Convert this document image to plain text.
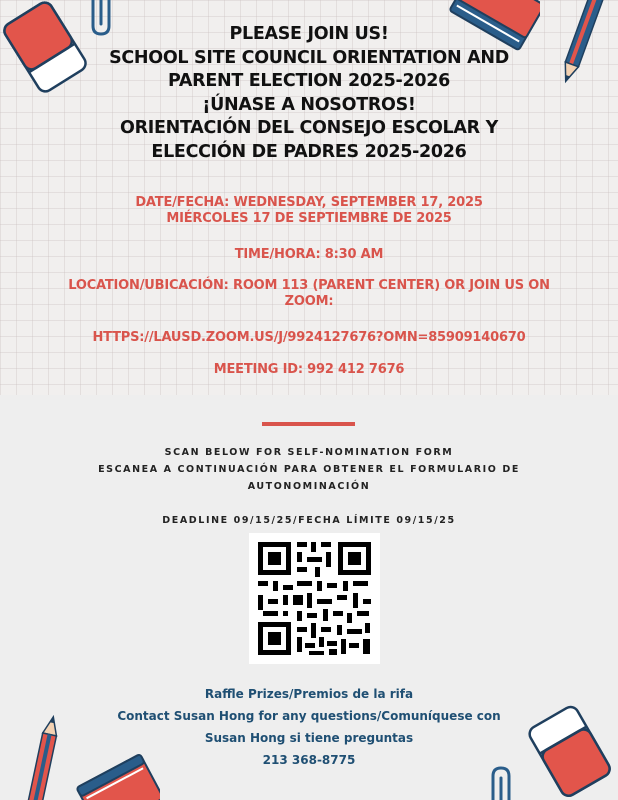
PLEASE JOIN US!
SCHOOL SITE COUNCIL ORIENTATION AND
PARENT ELECTION 2025-2026
¡ÚNASE A NOSOTROS!
ORIENTACIÓN DEL CONSEJO ESCOLAR Y
ELECCIÓN DE PADRES 2025-2026
DATE/FECHA: WEDNESDAY, SEPTEMBER 17, 2025
MIÉRCOLES 17 DE SEPTIEMBRE DE 2025
TIME/HORA: 8:30 AM
LOCATION/UBICACIÓN: ROOM 113 (PARENT CENTER) OR JOIN US ON
ZOOM:
HTTPS://LAUSD.ZOOM.US/J/9924127676?OMN=85909140670
MEETING ID: 992 412 7676
SCAN BELOW FOR SELF-NOMINATION FORM
ESCANEA A CONTINUACIÓN PARA OBTENER EL FORMULARIO DE
AUTONOMINACIÓN
DEADLINE 09/15/25/FECHA LÍMITE 09/15/25
Raffle Prizes/Premios de la rifa
Contact Susan Hong for any questions/Comuníquese con
Susan Hong si tiene preguntas
213 368-8775
